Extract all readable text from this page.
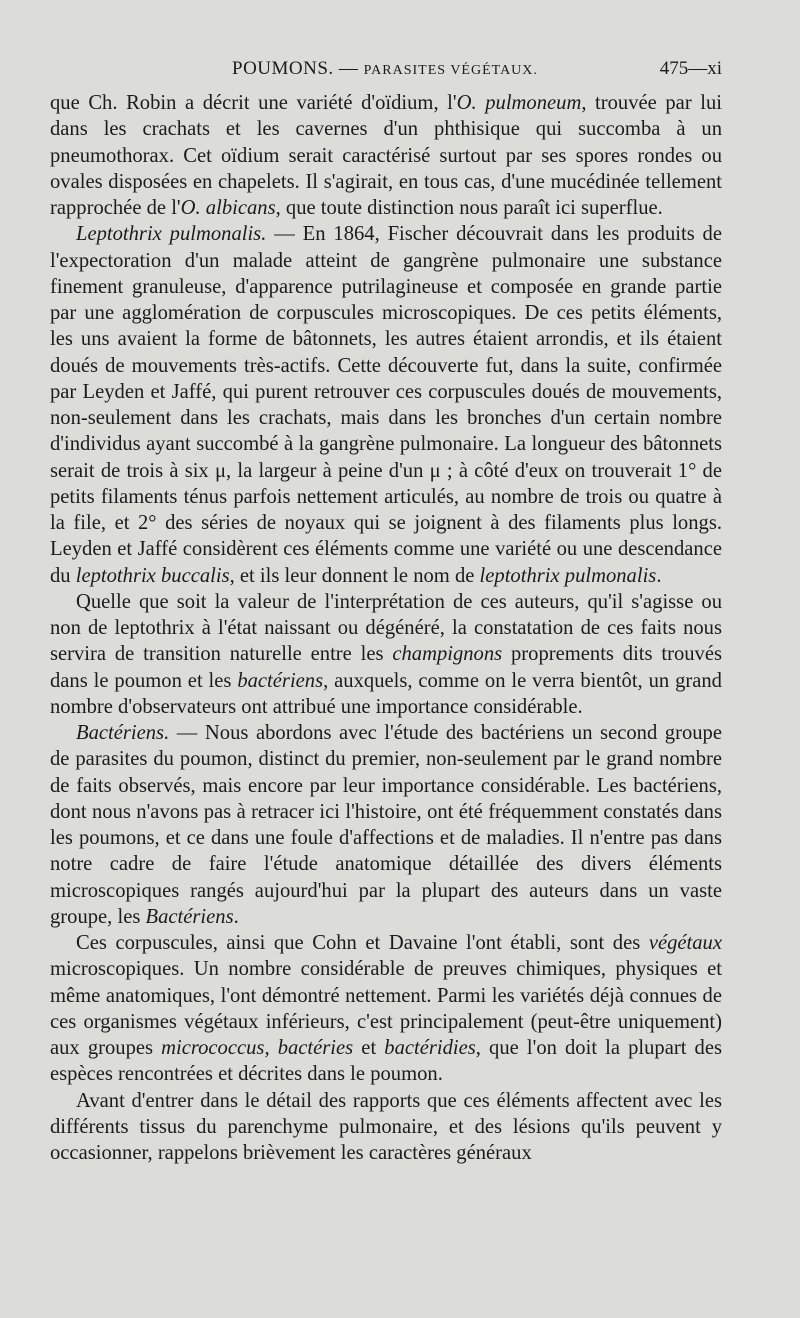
POUMONS. — PARASITES VÉGÉTAUX.	475—xi

que Ch. Robin a décrit une variété d'oïdium, l'O. pulmoneum, trouvée par lui dans les crachats et les cavernes d'un phthisique qui succomba à un pneumothorax. Cet oïdium serait caractérisé surtout par ses spores rondes ou ovales disposées en chapelets. Il s'agirait, en tous cas, d'une mucédinée tellement rapprochée de l'O. albicans, que toute distinction nous paraît ici superflue.

Leptothrix pulmonalis. — En 1864, Fischer découvrait dans les produits de l'expectoration d'un malade atteint de gangrène pulmonaire une substance finement granuleuse, d'apparence putrilagineuse et composée en grande partie par une agglomération de corpuscules microscopiques. De ces petits éléments, les uns avaient la forme de bâtonnets, les autres étaient arrondis, et ils étaient doués de mouvements très-actifs. Cette découverte fut, dans la suite, confirmée par Leyden et Jaffé, qui purent retrouver ces corpuscules doués de mouvements, non-seulement dans les crachats, mais dans les bronches d'un certain nombre d'individus ayant succombé à la gangrène pulmonaire. La longueur des bâtonnets serait de trois à six μ, la largeur à peine d'un μ ; à côté d'eux on trouverait 1° de petits filaments ténus parfois nettement articulés, au nombre de trois ou quatre à la file, et 2° des séries de noyaux qui se joignent à des filaments plus longs. Leyden et Jaffé considèrent ces éléments comme une variété ou une descendance du leptothrix buccalis, et ils leur donnent le nom de leptothrix pulmonalis.

Quelle que soit la valeur de l'interprétation de ces auteurs, qu'il s'agisse ou non de leptothrix à l'état naissant ou dégénéré, la constatation de ces faits nous servira de transition naturelle entre les champignons proprements dits trouvés dans le poumon et les bactériens, auxquels, comme on le verra bientôt, un grand nombre d'observateurs ont attribué une importance considérable.

Bactériens. — Nous abordons avec l'étude des bactériens un second groupe de parasites du poumon, distinct du premier, non-seulement par le grand nombre de faits observés, mais encore par leur importance considérable. Les bactériens, dont nous n'avons pas à retracer ici l'histoire, ont été fréquemment constatés dans les poumons, et ce dans une foule d'affections et de maladies. Il n'entre pas dans notre cadre de faire l'étude anatomique détaillée des divers éléments microscopiques rangés aujourd'hui par la plupart des auteurs dans un vaste groupe, les Bactériens.

Ces corpuscules, ainsi que Cohn et Davaine l'ont établi, sont des végétaux microscopiques. Un nombre considérable de preuves chimiques, physiques et même anatomiques, l'ont démontré nettement. Parmi les variétés déjà connues de ces organismes végétaux inférieurs, c'est principalement (peut-être uniquement) aux groupes micrococcus, bactéries et bactéridies, que l'on doit la plupart des espèces rencontrées et décrites dans le poumon.

Avant d'entrer dans le détail des rapports que ces éléments affectent avec les différents tissus du parenchyme pulmonaire, et des lésions qu'ils peuvent y occasionner, rappelons brièvement les caractères généraux
